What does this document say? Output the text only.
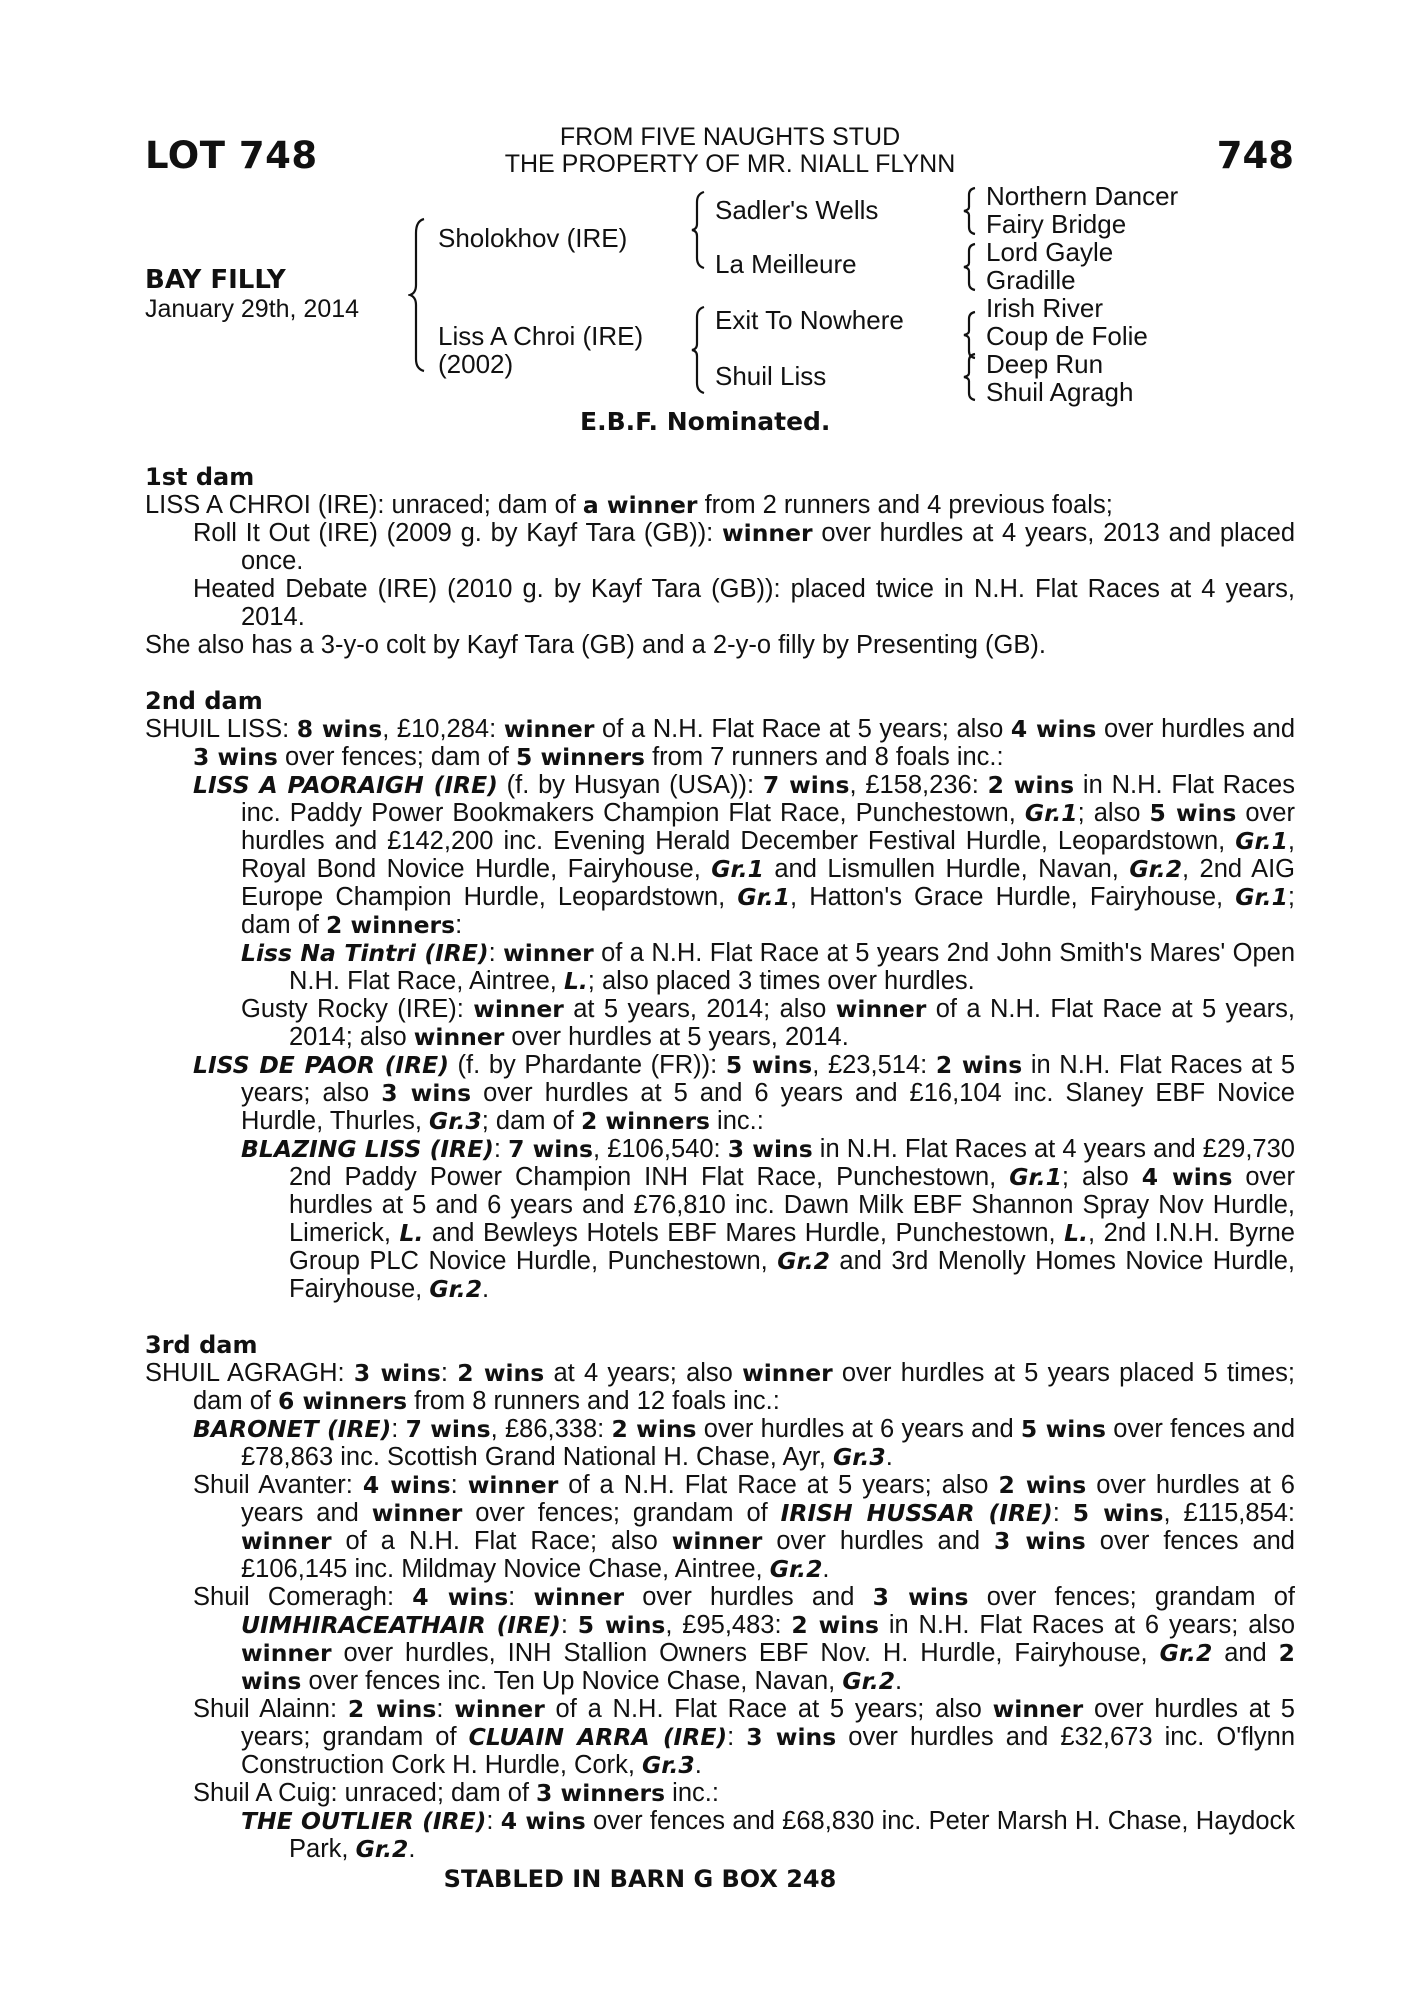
LOT 748	FROM FIVE NAUGHTS STUD
THE PROPERTY OF MR. NIALL FLYNN	748
BAY FILLY
January 29th, 2014
Sholokhov (IRE)
Liss A Chroi (IRE)
(2002)
Sadler's Wells
La Meilleure
Exit To Nowhere
Shuil Liss
Northern Dancer
Fairy Bridge
Lord Gayle
Gradille
Irish River
Coup de Folie
Deep Run
Shuil Agragh
E.B.F. Nominated.
1st dam
LISS A CHROI (IRE): unraced; dam of a winner from 2 runners and 4 previous foals;
Roll It Out (IRE) (2009 g. by Kayf Tara (GB)): winner over hurdles at 4 years, 2013 and placed once.
Heated Debate (IRE) (2010 g. by Kayf Tara (GB)): placed twice in N.H. Flat Races at 4 years, 2014.
She also has a 3-y-o colt by Kayf Tara (GB) and a 2-y-o filly by Presenting (GB).
2nd dam
SHUIL LISS: 8 wins, £10,284: winner of a N.H. Flat Race at 5 years; also 4 wins over hurdles and 3 wins over fences; dam of 5 winners from 7 runners and 8 foals inc.:
LISS A PAORAIGH (IRE) (f. by Husyan (USA)): 7 wins, £158,236: 2 wins in N.H. Flat Races inc. Paddy Power Bookmakers Champion Flat Race, Punchestown, Gr.1; also 5 wins over hurdles and £142,200 inc. Evening Herald December Festival Hurdle, Leopardstown, Gr.1, Royal Bond Novice Hurdle, Fairyhouse, Gr.1 and Lismullen Hurdle, Navan, Gr.2, 2nd AIG Europe Champion Hurdle, Leopardstown, Gr.1, Hatton's Grace Hurdle, Fairyhouse, Gr.1; dam of 2 winners:
Liss Na Tintri (IRE): winner of a N.H. Flat Race at 5 years 2nd John Smith's Mares' Open N.H. Flat Race, Aintree, L.; also placed 3 times over hurdles.
Gusty Rocky (IRE): winner at 5 years, 2014; also winner of a N.H. Flat Race at 5 years, 2014; also winner over hurdles at 5 years, 2014.
LISS DE PAOR (IRE) (f. by Phardante (FR)): 5 wins, £23,514: 2 wins in N.H. Flat Races at 5 years; also 3 wins over hurdles at 5 and 6 years and £16,104 inc. Slaney EBF Novice Hurdle, Thurles, Gr.3; dam of 2 winners inc.:
BLAZING LISS (IRE): 7 wins, £106,540: 3 wins in N.H. Flat Races at 4 years and £29,730 2nd Paddy Power Champion INH Flat Race, Punchestown, Gr.1; also 4 wins over hurdles at 5 and 6 years and £76,810 inc. Dawn Milk EBF Shannon Spray Nov Hurdle, Limerick, L. and Bewleys Hotels EBF Mares Hurdle, Punchestown, L., 2nd I.N.H. Byrne Group PLC Novice Hurdle, Punchestown, Gr.2 and 3rd Menolly Homes Novice Hurdle, Fairyhouse, Gr.2.
3rd dam
SHUIL AGRAGH: 3 wins: 2 wins at 4 years; also winner over hurdles at 5 years placed 5 times; dam of 6 winners from 8 runners and 12 foals inc.:
BARONET (IRE): 7 wins, £86,338: 2 wins over hurdles at 6 years and 5 wins over fences and £78,863 inc. Scottish Grand National H. Chase, Ayr, Gr.3.
Shuil Avanter: 4 wins: winner of a N.H. Flat Race at 5 years; also 2 wins over hurdles at 6 years and winner over fences; grandam of IRISH HUSSAR (IRE): 5 wins, £115,854: winner of a N.H. Flat Race; also winner over hurdles and 3 wins over fences and £106,145 inc. Mildmay Novice Chase, Aintree, Gr.2.
Shuil Comeragh: 4 wins: winner over hurdles and 3 wins over fences; grandam of UIMHIRACEATHAIR (IRE): 5 wins, £95,483: 2 wins in N.H. Flat Races at 6 years; also winner over hurdles, INH Stallion Owners EBF Nov. H. Hurdle, Fairyhouse, Gr.2 and 2 wins over fences inc. Ten Up Novice Chase, Navan, Gr.2.
Shuil Alainn: 2 wins: winner of a N.H. Flat Race at 5 years; also winner over hurdles at 5 years; grandam of CLUAIN ARRA (IRE): 3 wins over hurdles and £32,673 inc. O'flynn Construction Cork H. Hurdle, Cork, Gr.3.
Shuil A Cuig: unraced; dam of 3 winners inc.:
THE OUTLIER (IRE): 4 wins over fences and £68,830 inc. Peter Marsh H. Chase, Haydock Park, Gr.2.
STABLED IN BARN G BOX 248
